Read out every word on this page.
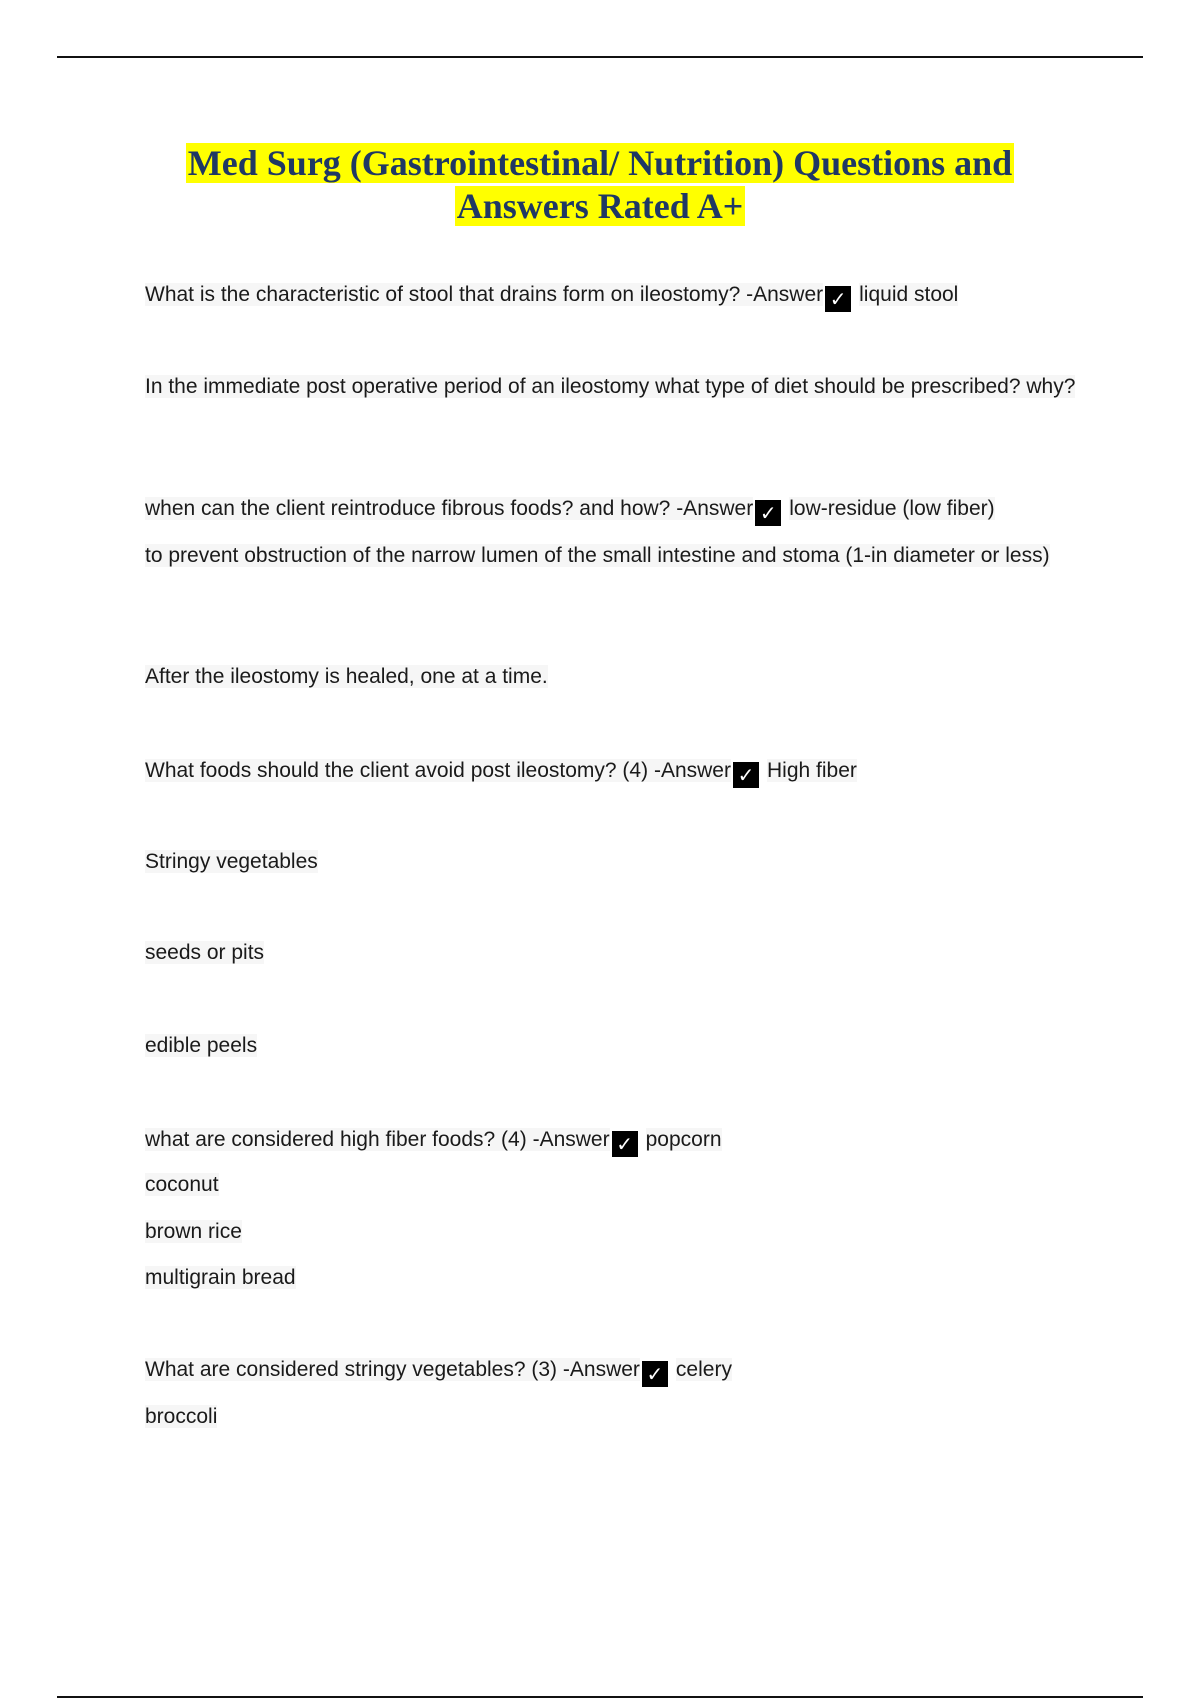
Med Surg (Gastrointestinal/ Nutrition) Questions and
Answers Rated A+
What is the characteristic of stool that drains form on ileostomy? -Answer ✓ liquid stool
In the immediate post operative period of an ileostomy what type of diet should be prescribed? why?
when can the client reintroduce fibrous foods? and how? -Answer ✓ low-residue (low fiber)
to prevent obstruction of the narrow lumen of the small intestine and stoma (1-in diameter or less)
After the ileostomy is healed, one at a time.
What foods should the client avoid post ileostomy? (4) -Answer ✓ High fiber
Stringy vegetables
seeds or pits
edible peels
what are considered high fiber foods? (4) -Answer ✓ popcorn
coconut
brown rice
multigrain bread
What are considered stringy vegetables? (3) -Answer ✓ celery
broccoli
